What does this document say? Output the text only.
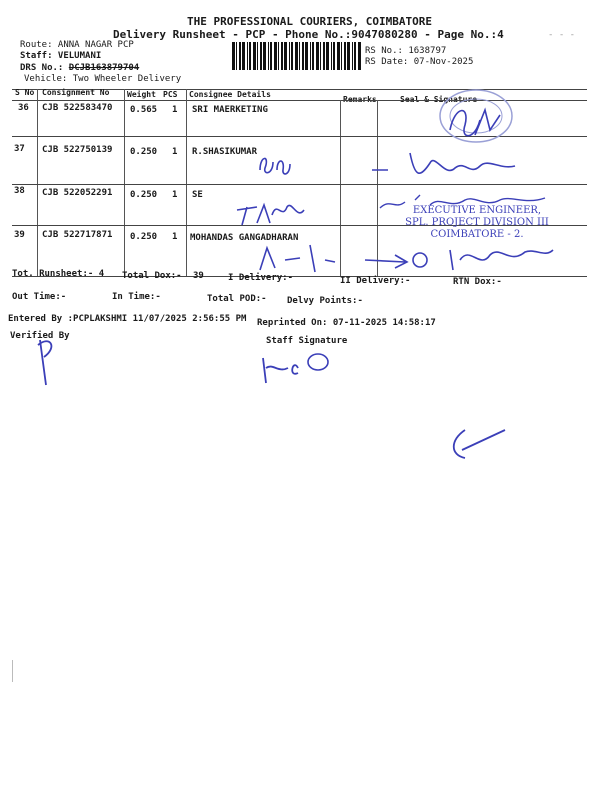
THE PROFESSIONAL COURIERS, COIMBATORE
Delivery Runsheet - PCP - Phone No.:9047080280 - Page No.:4
Route: ANNA NAGAR PCP
Staff: VELUMANI
DRS No.: DCJB163879704
Vehicle: Two Wheeler Delivery
RS No.: 1638797
RS Date: 07-Nov-2025
- - -
S No Consignment No Weight PCS Consignee Details
Remarks	Seal & Signature
36 CJB 522583470 0.565 1 SRI MAERKETING
37 CJB 522750139 0.250 1 R.SHASIKUMAR
38 CJB 522052291 0.250 1 SE
39 CJB 522717871 0.250 1 MOHANDAS GANGADHARAN
Tot. Runsheet:- 4 Total Dox:- 39	I Delivery:-	II Delivery:-	RTN Dox:-
Out Time:-	In Time:-	Total POD:- Delvy Points:-
Entered By :PCPLAKSHMI 11/07/2025 2:56:55 PM Reprinted On: 07-11-2025 14:58:17
Verified By	Staff Signature
EXECUTIVE ENGINEER,
SPL. PROJECT DIVISION III
COIMBATORE - 2.
